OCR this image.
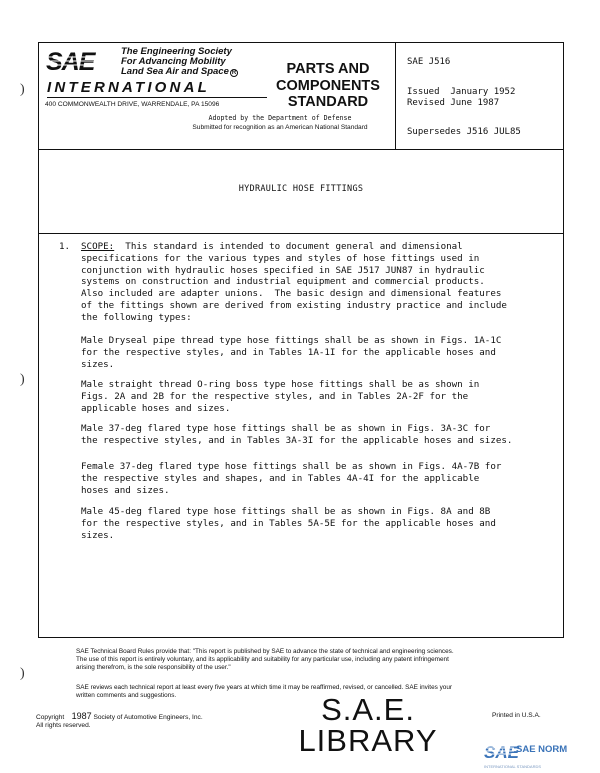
)
)
)
SAE	The Engineering Society
For Advancing Mobility
Land Sea Air and Space R
INTERNATIONAL
400 COMMONWEALTH DRIVE, WARRENDALE, PA 15096
PARTS AND
COMPONENTS
STANDARD
Adopted by the Department of Defense
Submitted for recognition as an American National Standard
SAE J516
Issued  January 1952
Revised June 1987
Supersedes J516 JUL85
HYDRAULIC HOSE FITTINGS
1. SCOPE: This standard is intended to document general and dimensional
specifications for the various types and styles of hose fittings used in
conjunction with hydraulic hoses specified in SAE J517 JUN87 in hydraulic
systems on construction and industrial equipment and commercial products.
Also included are adapter unions.  The basic design and dimensional features
of the fittings shown are derived from existing industry practice and include
the following types:
Male Dryseal pipe thread type hose fittings shall be as shown in Figs. 1A-1C
for the respective styles, and in Tables 1A-1I for the applicable hoses and
sizes.
Male straight thread O-ring boss type hose fittings shall be as shown in
Figs. 2A and 2B for the respective styles, and in Tables 2A-2F for the
applicable hoses and sizes.
Male 37-deg flared type hose fittings shall be as shown in Figs. 3A-3C for
the respective styles, and in Tables 3A-3I for the applicable hoses and sizes.
Female 37-deg flared type hose fittings shall be as shown in Figs. 4A-7B for
the respective styles and shapes, and in Tables 4A-4I for the applicable
hoses and sizes.
Male 45-deg flared type hose fittings shall be as shown in Figs. 8A and 8B
for the respective styles, and in Tables 5A-5E for the applicable hoses and
sizes.
SAE Technical Board Rules provide that: "This report is published by SAE to advance the state of technical and engineering sciences.
The use of this report is entirely voluntary, and its applicability and suitability for any particular use, including any patent infringement
arising therefrom, is the sole responsibility of the user."
SAE reviews each technical report at least every five years at which time it may be reaffirmed, revised, or cancelled. SAE invites your
written comments and suggestions.	S.A.E.
LIBRARY
Copyright 1987 Society of Automotive Engineers, Inc.
All rights reserved.
Printed in U.S.A.
SAE
SAE NORM
INTERNATIONAL STANDARDS
